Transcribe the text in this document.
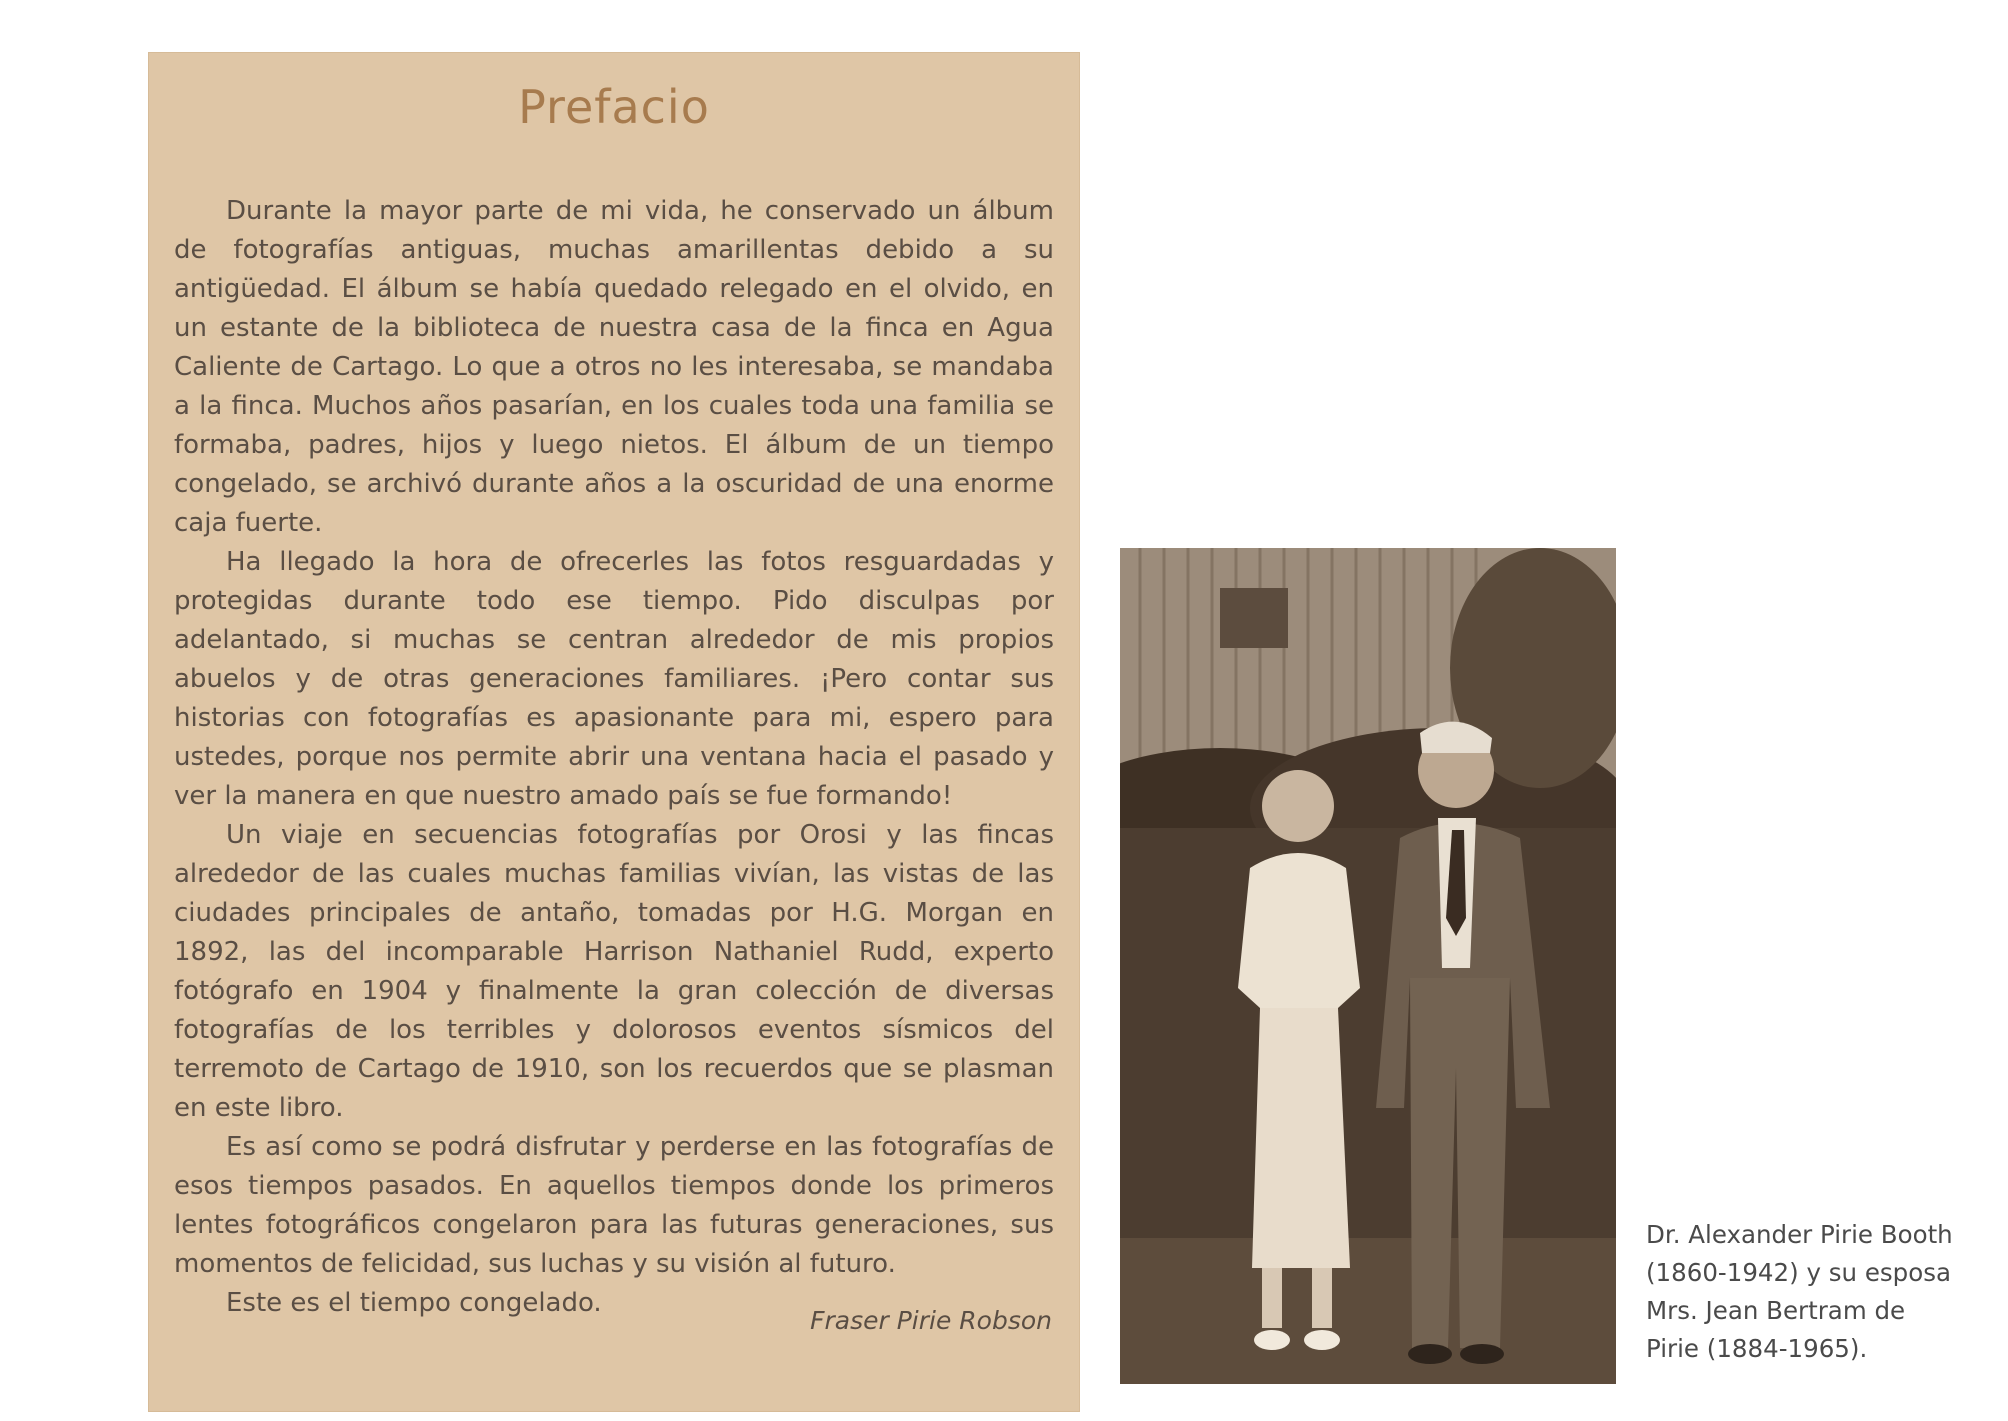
Prefacio

Durante la mayor parte de mi vida, he conservado un álbum de fotografías antiguas, muchas amarillentas debido a su antigüedad. El álbum se había quedado relegado en el olvido, en un estante de la biblioteca de nuestra casa de la finca en Agua Caliente de Cartago. Lo que a otros no les interesaba, se mandaba a la finca. Muchos años pasarían, en los cuales toda una familia se formaba, padres, hijos y luego nietos. El álbum de un tiempo congelado, se archivó durante años a la oscuridad de una enorme caja fuerte.

Ha llegado la hora de ofrecerles las fotos resguardadas y protegidas durante todo ese tiempo. Pido disculpas por adelantado, si muchas se centran alrededor de mis propios abuelos y de otras generaciones familiares. ¡Pero contar sus historias con fotografías es apasionante para mi, espero para ustedes, porque nos permite abrir una ventana hacia el pasado y ver la manera en que nuestro amado país se fue formando!

Un viaje en secuencias fotografías por Orosi y las fincas alrededor de las cuales muchas familias vivían, las vistas de las ciudades principales de antaño, tomadas por H.G. Morgan en 1892, las del incomparable Harrison Nathaniel Rudd, experto fotógrafo en 1904 y finalmente la gran colección de diversas fotografías de los terribles y dolorosos eventos sísmicos del terremoto de Cartago de 1910, son los recuerdos que se plasman en este libro.

Es así como se podrá disfrutar y perderse en las fotografías de esos tiempos pasados. En aquellos tiempos donde los primeros lentes fotográficos congelaron para las futuras generaciones, sus momentos de felicidad, sus luchas y su visión al futuro.

Este es el tiempo congelado.

Fraser Pirie Robson
Dr. Alexander Pirie Booth
(1860-1942) y su esposa
Mrs. Jean Bertram de
Pirie (1884-1965).
